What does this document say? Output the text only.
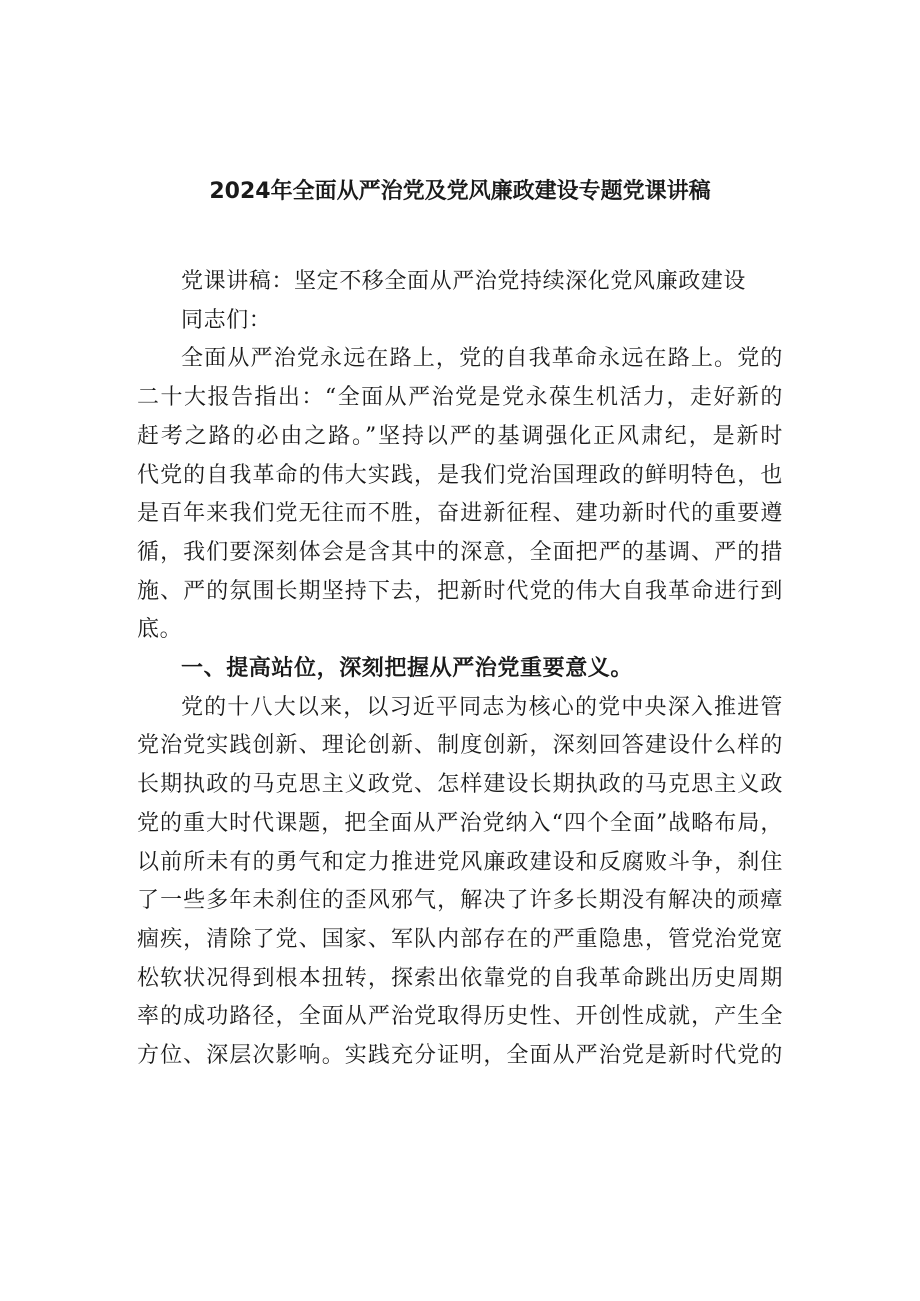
2024年全面从严治党及党风廉政建设专题党课讲稿

党课讲稿：坚定不移全面从严治党持续深化党风廉政建设

同志们：

全面从严治党永远在路上，党的自我革命永远在路上。党的
二十大报告指出：“全面从严治党是党永葆生机活力，走好新的
赶考之路的必由之路。”坚持以严的基调强化正风肃纪，是新时
代党的自我革命的伟大实践，是我们党治国理政的鲜明特色，也
是百年来我们党无往而不胜，奋进新征程、建功新时代的重要遵
循，我们要深刻体会是含其中的深意，全面把严的基调、严的措
施、严的氛围长期坚持下去，把新时代党的伟大自我革命进行到
底。

一、提高站位，深刻把握从严治党重要意义。

党的十八大以来，以习近平同志为核心的党中央深入推进管
党治党实践创新、理论创新、制度创新，深刻回答建设什么样的
长期执政的马克思主义政党、怎样建设长期执政的马克思主义政
党的重大时代课题，把全面从严治党纳入“四个全面”战略布局，
以前所未有的勇气和定力推进党风廉政建设和反腐败斗争，刹住
了一些多年未刹住的歪风邪气，解决了许多长期没有解决的顽瘴
痼疾，清除了党、国家、军队内部存在的严重隐患，管党治党宽
松软状况得到根本扭转，探索出依靠党的自我革命跳出历史周期
率的成功路径，全面从严治党取得历史性、开创性成就，产生全
方位、深层次影响。实践充分证明，全面从严治党是新时代党的
